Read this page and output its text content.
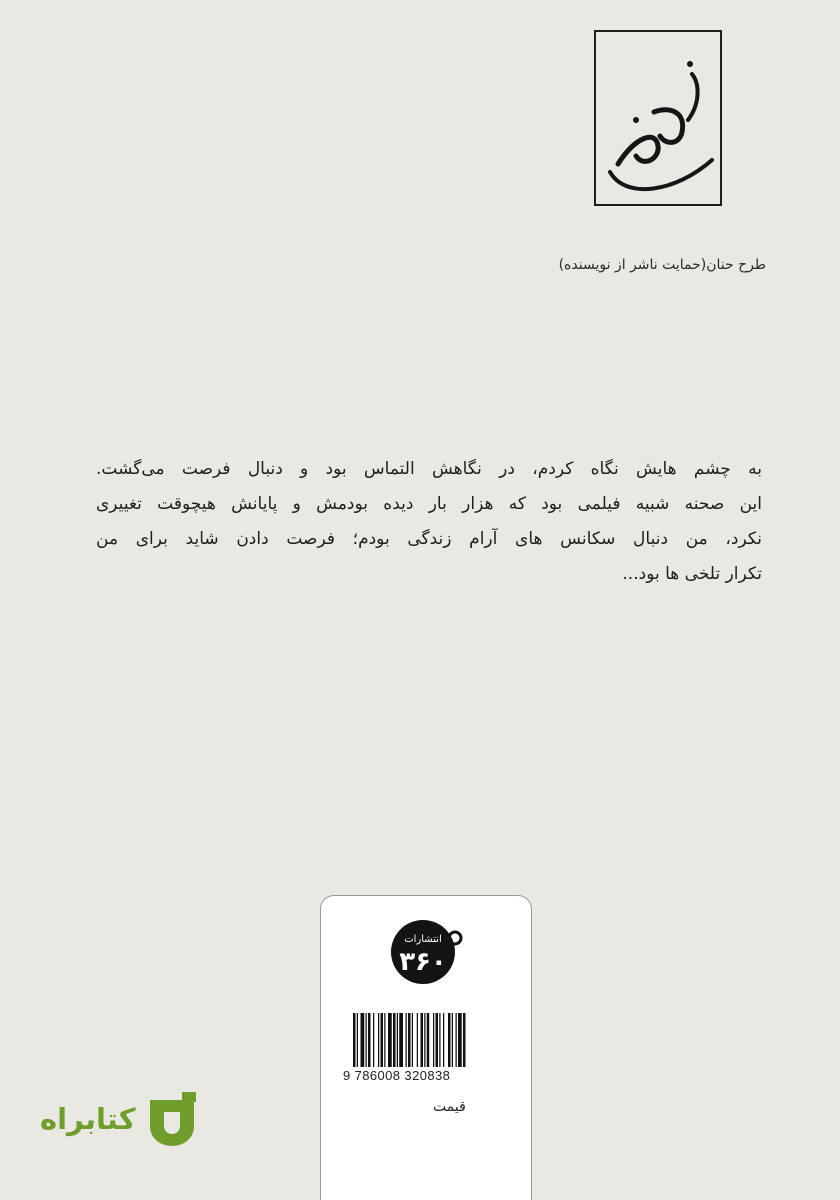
طرح حنان(حمایت ناشر از نویسنده)
به چشم هایش نگاه کردم، در نگاهش التماس بود و دنبال فرصت می‌گشت.
این صحنه شبیه فیلمی بود که هزار بار دیده بودمش و پایانش هیچوقت تغییری
نکرد، من دنبال سکانس های آرام زندگی بودم؛ فرصت دادن شاید برای من
تکرار تلخی ها بود...
انتشارات
۳۶۰
9 786008 320838
قیمت
کتابراه
